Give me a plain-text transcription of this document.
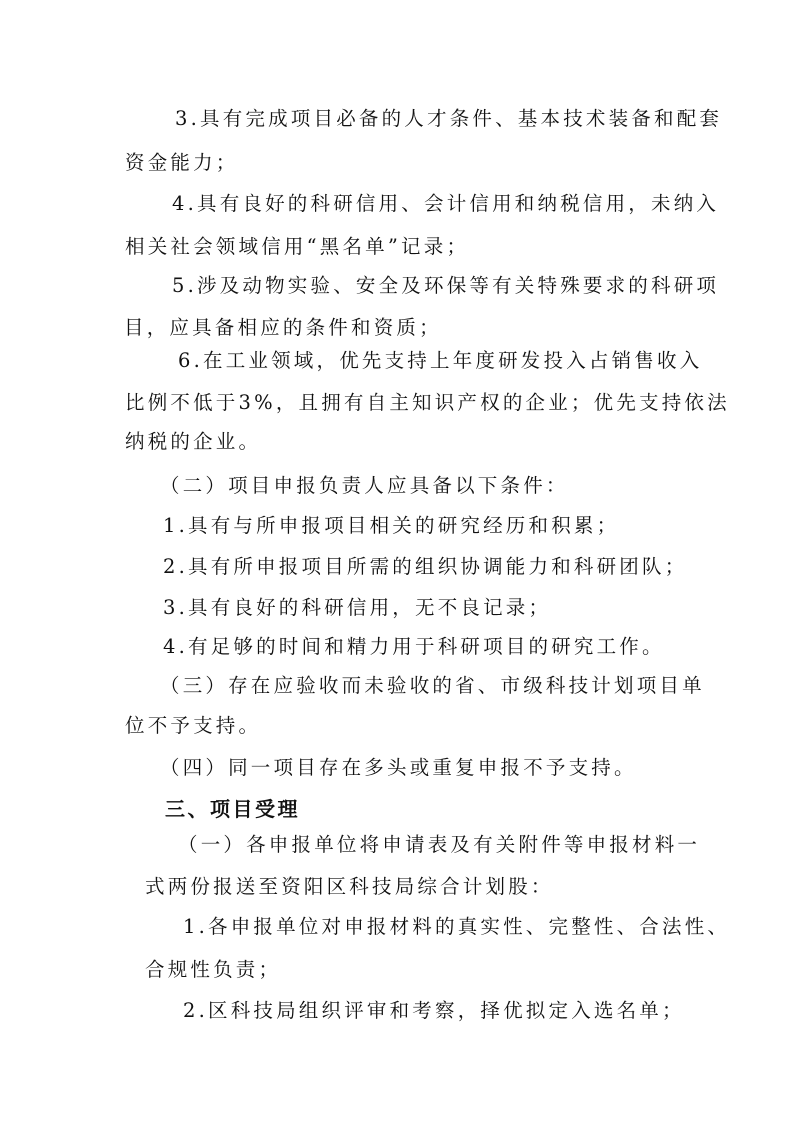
3.具有完成项目必备的人才条件、基本技术装备和配套
资金能力；
4.具有良好的科研信用、会计信用和纳税信用，未纳入
相关社会领域信用“黑名单”记录；
5.涉及动物实验、安全及环保等有关特殊要求的科研项
目，应具备相应的条件和资质；
6.在工业领域，优先支持上年度研发投入占销售收入
比例不低于3%，且拥有自主知识产权的企业；优先支持依法
纳税的企业。
（二）项目申报负责人应具备以下条件：
1.具有与所申报项目相关的研究经历和积累；
2.具有所申报项目所需的组织协调能力和科研团队；
3.具有良好的科研信用，无不良记录；
4.有足够的时间和精力用于科研项目的研究工作。
（三）存在应验收而未验收的省、市级科技计划项目单
位不予支持。
（四）同一项目存在多头或重复申报不予支持。
三、项目受理
（一）各申报单位将申请表及有关附件等申报材料一
式两份报送至资阳区科技局综合计划股：
1.各申报单位对申报材料的真实性、完整性、合法性、
合规性负责；
2.区科技局组织评审和考察，择优拟定入选名单；
